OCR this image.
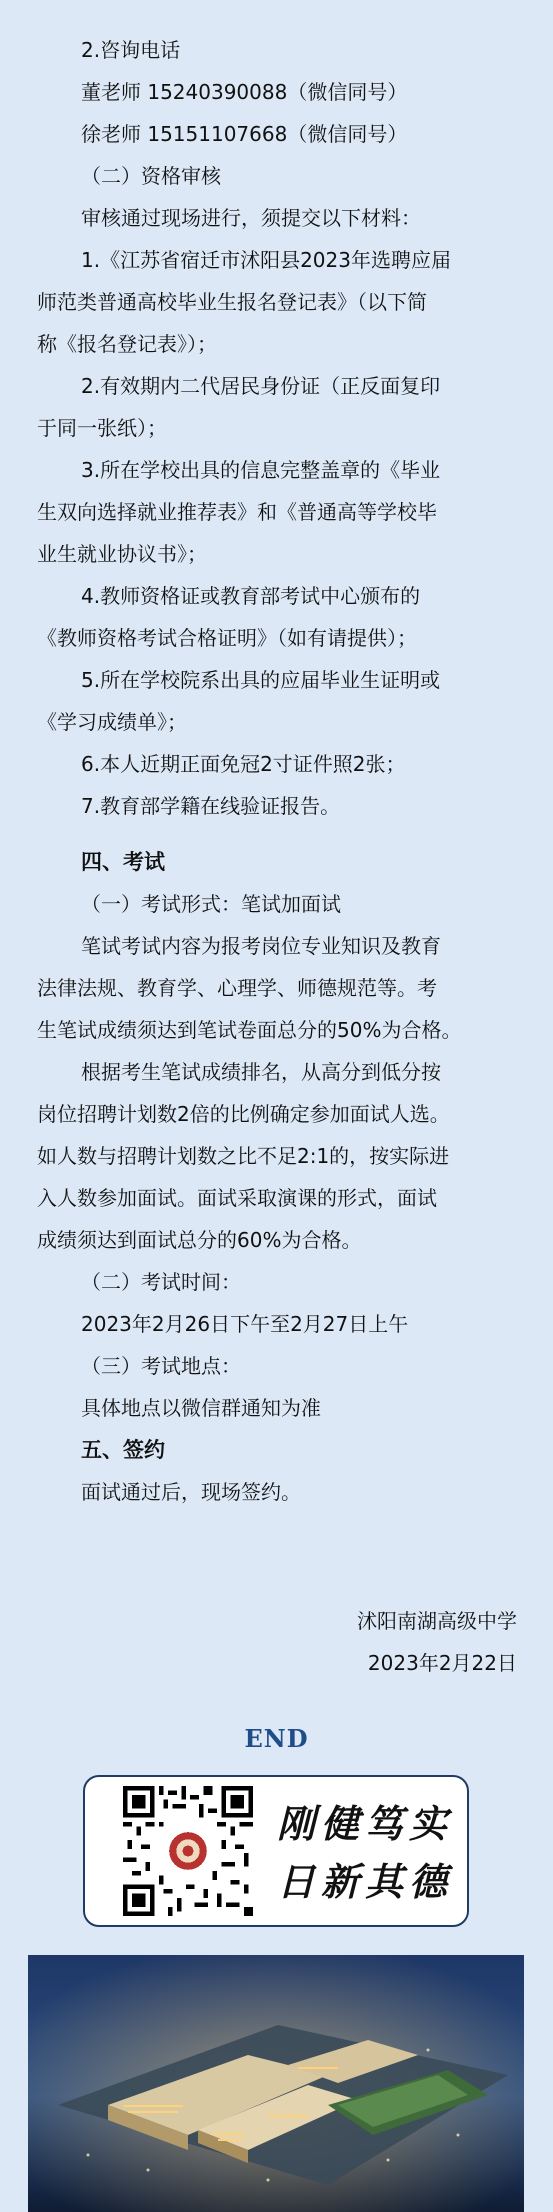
2.咨询电话

董老师 15240390088（微信同号）

徐老师 15151107668（微信同号）

（二）资格审核

审核通过现场进行，须提交以下材料：

1.《江苏省宿迁市沭阳县2023年选聘应届

师范类普通高校毕业生报名登记表》（以下简

称《报名登记表》）；

2.有效期内二代居民身份证（正反面复印

于同一张纸）；

3.所在学校出具的信息完整盖章的《毕业

生双向选择就业推荐表》和《普通高等学校毕

业生就业协议书》；

4.教师资格证或教育部考试中心颁布的

《教师资格考试合格证明》（如有请提供）；

5.所在学校院系出具的应届毕业生证明或

《学习成绩单》；

6.本人近期正面免冠2寸证件照2张；

7.教育部学籍在线验证报告。

四、考试

（一）考试形式：笔试加面试

笔试考试内容为报考岗位专业知识及教育

法律法规、教育学、心理学、师德规范等。考

生笔试成绩须达到笔试卷面总分的50%为合格。

根据考生笔试成绩排名，从高分到低分按

岗位招聘计划数2倍的比例确定参加面试人选。

如人数与招聘计划数之比不足2:1的，按实际进

入人数参加面试。面试采取演课的形式，面试

成绩须达到面试总分的60%为合格。

（二）考试时间：

2023年2月26日下午至2月27日上午

（三）考试地点：

具体地点以微信群通知为准

五、签约

面试通过后，现场签约。

沭阳南湖高级中学
2023年2月22日
END
刚健笃实
日新其德
